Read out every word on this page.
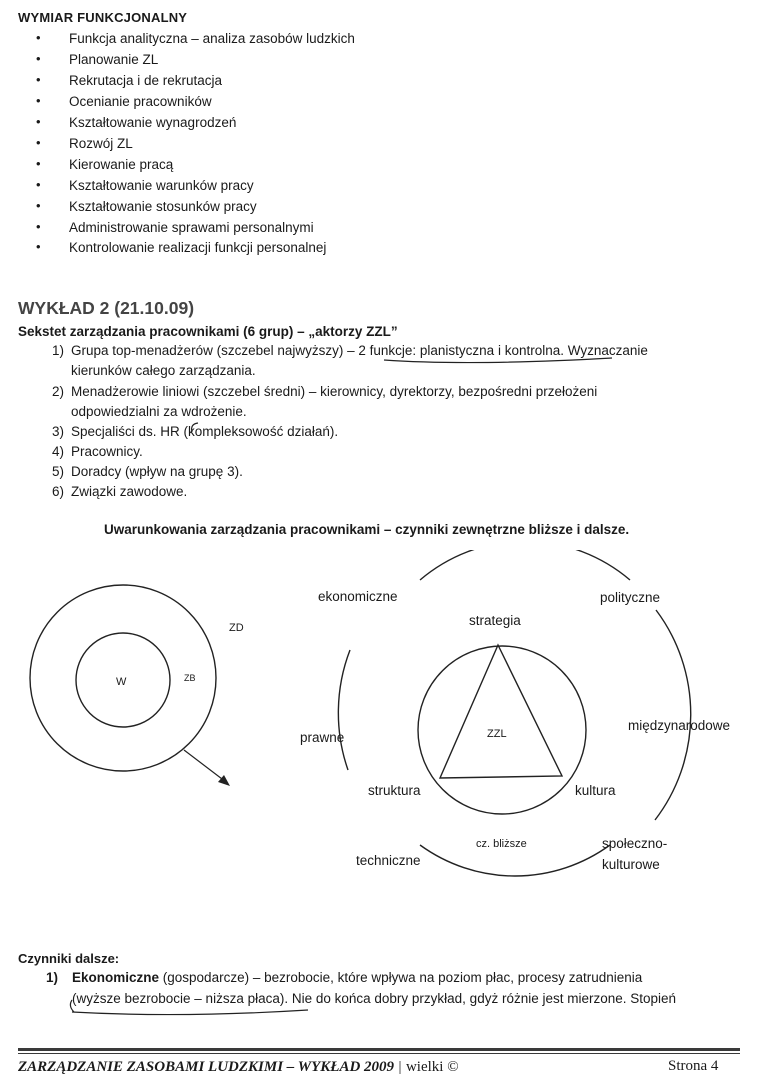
WYMIAR FUNKCJONALNY
• Funkcja analityczna – analiza zasobów ludzkich
• Planowanie ZL
• Rekrutacja i de rekrutacja
• Ocenianie pracowników
• Kształtowanie wynagrodzeń
• Rozwój ZL
• Kierowanie pracą
• Kształtowanie warunków pracy
• Kształtowanie stosunków pracy
• Administrowanie sprawami personalnymi
• Kontrolowanie realizacji funkcji personalnej
WYKŁAD 2 (21.10.09)
Sekstet zarządzania pracownikami (6 grup) – „aktorzy ZZL”
1) Grupa top-menadżerów (szczebel najwyższy) – 2 funkcje: planistyczna i kontrolna. Wyznaczanie
kierunków całego zarządzania.
2) Menadżerowie liniowi (szczebel średni) – kierownicy, dyrektorzy, bezpośredni przełożeni
odpowiedzialni za wdrożenie.
3) Specjaliści ds. HR (kompleksowość działań).
4) Pracownicy.
5) Doradcy (wpływ na grupę 3).
6) Związki zawodowe.
Uwarunkowania zarządzania pracownikami – czynniki zewnętrzne bliższe i dalsze.
ZD
W	ZB
ekonomiczne	polityczne
międzynarodowe
społeczno-
kulturowe
techniczne
prawne
strategia
struktura	kultura
ZZL
cz. bliższe
Czynniki dalsze:
1) Ekonomiczne (gospodarcze) – bezrobocie, które wpływa na poziom płac, procesy zatrudnienia
(wyższe bezrobocie – niższa płaca). Nie do końca dobry przykład, gdyż różnie jest mierzone. Stopień
ZARZĄDZANIE ZASOBAMI LUDZKIMI – WYKŁAD 2009 | wielki ©	Strona 4
